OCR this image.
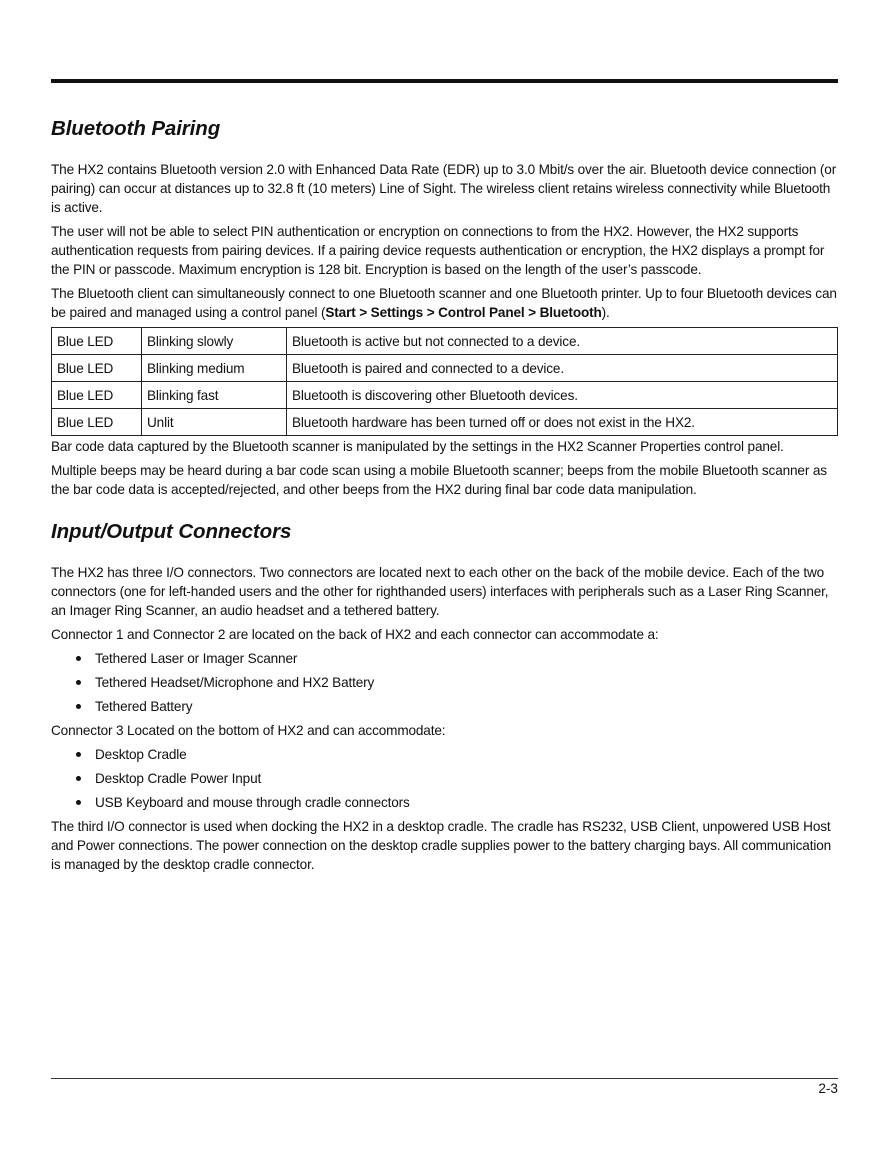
Bluetooth Pairing

The HX2 contains Bluetooth version 2.0 with Enhanced Data Rate (EDR) up to 3.0 Mbit/s over the air. Bluetooth device connection (or pairing) can occur at distances up to 32.8 ft (10 meters) Line of Sight. The wireless client retains wireless connectivity while Bluetooth is active.

The user will not be able to select PIN authentication or encryption on connections to from the HX2. However, the HX2 supports authentication requests from pairing devices. If a pairing device requests authentication or encryption, the HX2 displays a prompt for the PIN or passcode. Maximum encryption is 128 bit. Encryption is based on the length of the user’s passcode.

The Bluetooth client can simultaneously connect to one Bluetooth scanner and one Bluetooth printer. Up to four Bluetooth devices can be paired and managed using a control panel (Start > Settings > Control Panel > Bluetooth).

Blue LED	Blinking slowly	Bluetooth is active but not connected to a device.
Blue LED	Blinking medium	Bluetooth is paired and connected to a device.
Blue LED	Blinking fast	Bluetooth is discovering other Bluetooth devices.
Blue LED	Unlit	Bluetooth hardware has been turned off or does not exist in the HX2.

Bar code data captured by the Bluetooth scanner is manipulated by the settings in the HX2 Scanner Properties control panel.

Multiple beeps may be heard during a bar code scan using a mobile Bluetooth scanner; beeps from the mobile Bluetooth scanner as the bar code data is accepted/rejected, and other beeps from the HX2 during final bar code data manipulation.

Input/Output Connectors

The HX2 has three I/O connectors. Two connectors are located next to each other on the back of the mobile device. Each of the two connectors (one for left-handed users and the other for righthanded users) interfaces with peripherals such as a Laser Ring Scanner, an Imager Ring Scanner, an audio headset and a tethered battery.

Connector 1 and Connector 2 are located on the back of HX2 and each connector can accommodate a:

Tethered Laser or Imager Scanner
Tethered Headset/Microphone and HX2 Battery
Tethered Battery

Connector 3 Located on the bottom of HX2 and can accommodate:

Desktop Cradle
Desktop Cradle Power Input
USB Keyboard and mouse through cradle connectors

The third I/O connector is used when docking the HX2 in a desktop cradle. The cradle has RS232, USB Client, unpowered USB Host and Power connections. The power connection on the desktop cradle supplies power to the battery charging bays. All communication is managed by the desktop cradle connector.

2-3
